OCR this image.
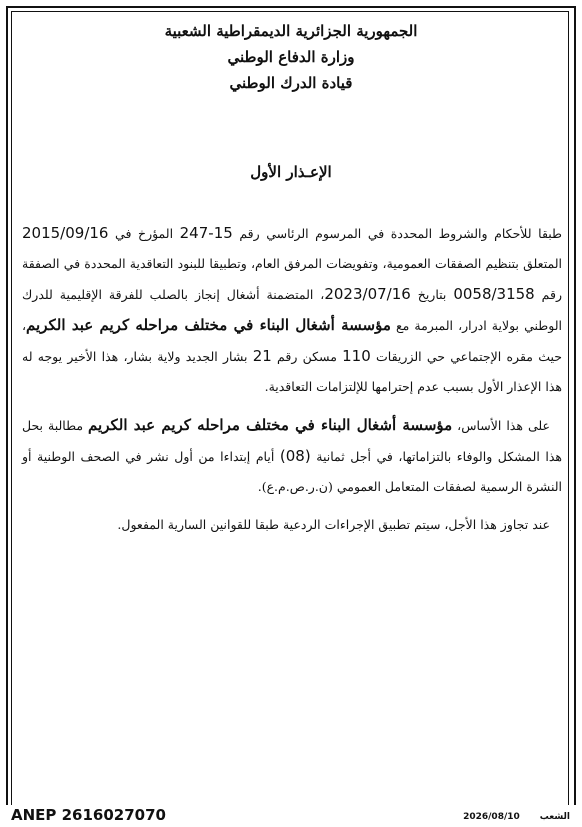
الجمهورية الجزائرية الديمقراطية الشعبية
وزارة الدفاع الوطني
قيادة الدرك الوطني
الإعـذار الأول

طبقا للأحكام والشروط المحددة في المرسوم الرئاسي رقم 15-247 المؤرخ في 2015/09/16 المتعلق بتنظيم الصفقات العمومية، وتفويضات المرفق العام، وتطبيقا للبنود التعاقدية المحددة في الصفقة رقم 0058/3158 بتاريخ 2023/07/16، المتضمنة أشغال إنجاز بالصلب للفرقة الإقليمية للدرك الوطني بولاية ادرار، المبرمة مع مؤسسة أشغال البناء في مختلف مراحله كريم عبد الكريم، حيث مقره الإجتماعي حي الزريقات 110 مسكن رقم 21 بشار الجديد ولاية بشار، هذا الأخير يوجه له هذا الإعذار الأول بسبب عدم إحترامها للإلتزامات التعاقدية.

على هذا الأساس، مؤسسة أشغال البناء في مختلف مراحله كريم عبد الكريم مطالبة بحل هذا المشكل والوفاء بالتزاماتها، في أجل ثمانية (08) أيام إبتداءا من أول نشر في الصحف الوطنية أو النشرة الرسمية لصفقات المتعامل العمومي (ن.ر.ص.م.ع).

عند تجاوز هذا الأجل، سيتم تطبيق الإجراءات الردعية طبقا للقوانين السارية المفعول.

ANEP 2616027070	الشعب2026/08/10
